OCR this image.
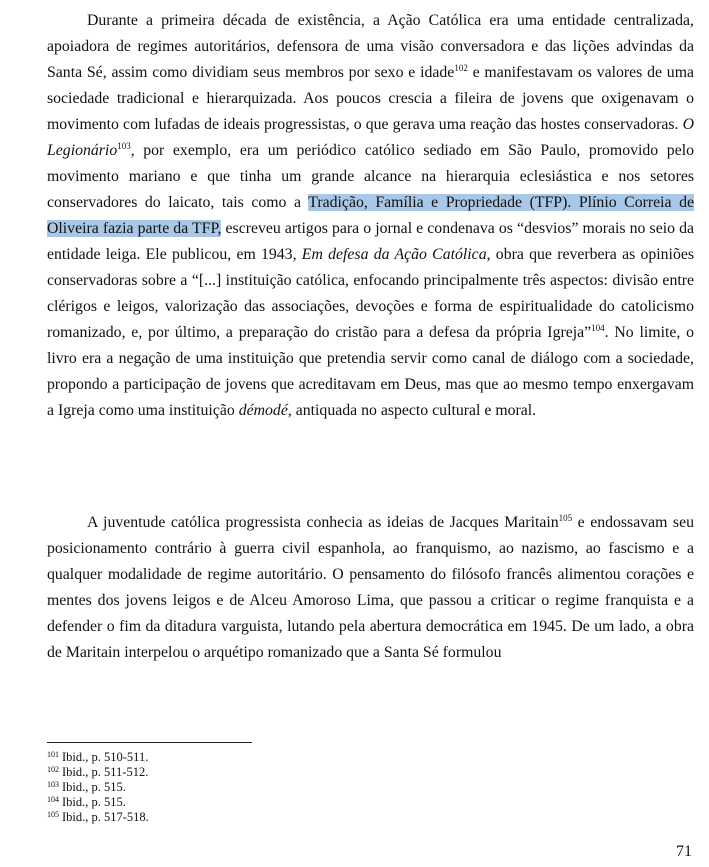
Durante a primeira década de existência, a Ação Católica era uma entidade centralizada, apoiadora de regimes autoritários, defensora de uma visão conversadora e das lições advindas da Santa Sé, assim como dividiam seus membros por sexo e idade$^{102}$ e manifestavam os valores de uma sociedade tradicional e hierarquizada. Aos poucos crescia a fileira de jovens que oxigenavam o movimento com lufadas de ideais progressistas, o que gerava uma reação das hostes conservadoras. O Legionário$^{103}$, por exemplo, era um periódico católico sediado em São Paulo, promovido pelo movimento mariano e que tinha um grande alcance na hierarquia eclesiástica e nos setores conservadores do laicato, tais como a Tradição, Família e Propriedade (TFP). Plínio Correia de Oliveira fazia parte da TFP, escreveu artigos para o jornal e condenava os “desvios” morais no seio da entidade leiga. Ele publicou, em 1943, Em defesa da Ação Católica, obra que reverbera as opiniões conservadoras sobre a “[...] instituição católica, enfocando principalmente três aspectos: divisão entre clérigos e leigos, valorização das associações, devoções e forma de espiritualidade do catolicismo romanizado, e, por último, a preparação do cristão para a defesa da própria Igreja”$^{104}$. No limite, o livro era a negação de uma instituição que pretendia servir como canal de diálogo com a sociedade, propondo a participação de jovens que acreditavam em Deus, mas que ao mesmo tempo enxergavam a Igreja como uma instituição démodé, antiquada no aspecto cultural e moral.

A juventude católica progressista conhecia as ideias de Jacques Maritain$^{105}$ e endossavam seu posicionamento contrário à guerra civil espanhola, ao franquismo, ao nazismo, ao fascismo e a qualquer modalidade de regime autoritário. O pensamento do filósofo francês alimentou corações e mentes dos jovens leigos e de Alceu Amoroso Lima, que passou a criticar o regime franquista e a defender o fim da ditadura varguista, lutando pela abertura democrática em 1945. De um lado, a obra de Maritain interpelou o arquétipo romanizado que a Santa Sé formulou

$^{101}$ Ibid., p. 510-511.
$^{102}$ Ibid., p. 511-512.
$^{103}$ Ibid., p. 515.
$^{104}$ Ibid., p. 515.
$^{105}$ Ibid., p. 517-518.
71
